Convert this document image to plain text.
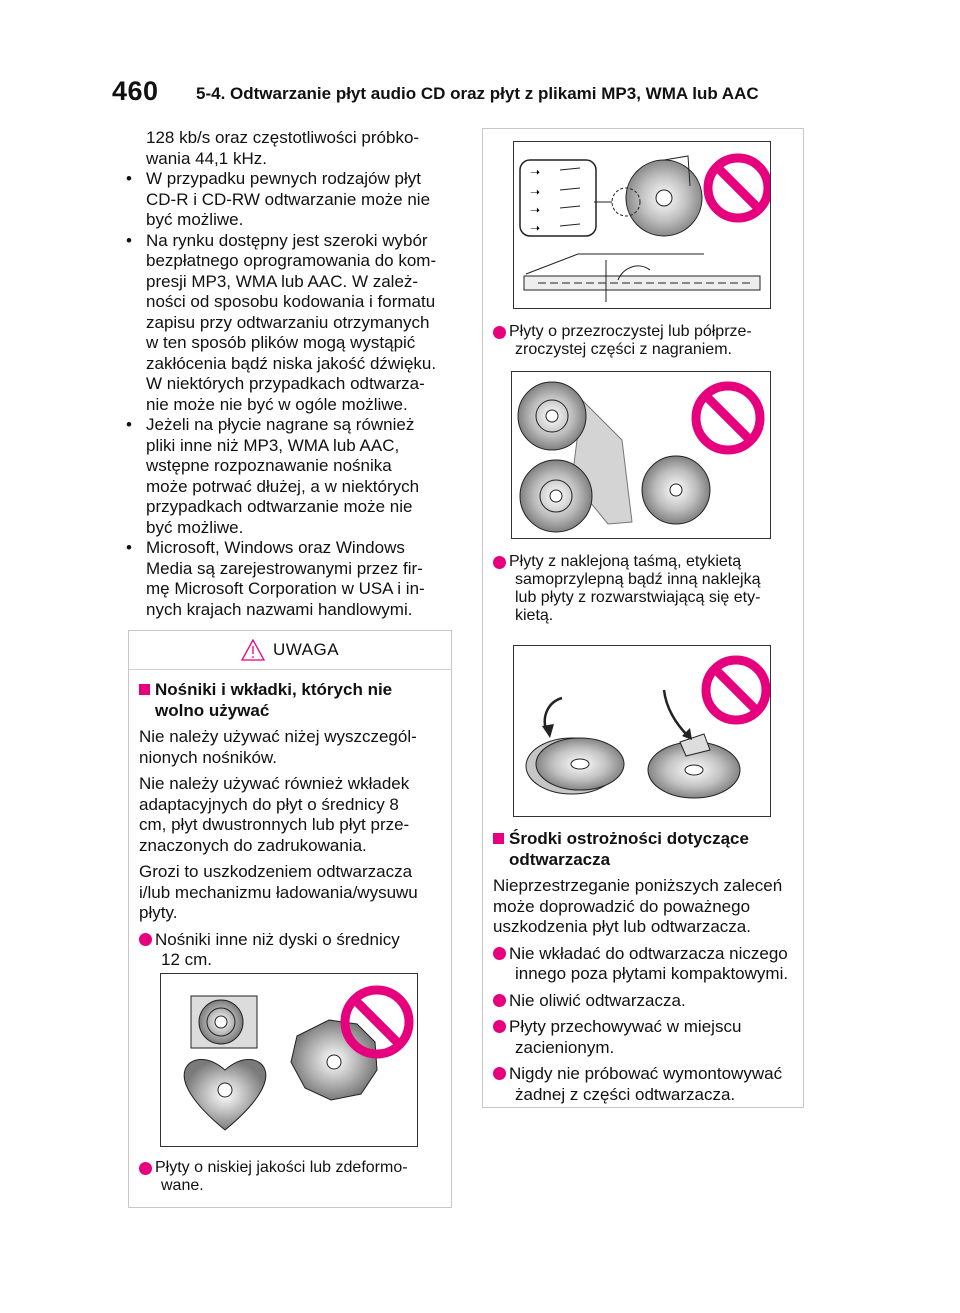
460 5-4. Odtwarzanie płyt audio CD oraz płyt z plikami MP3, WMA lub AAC

128 kb/s oraz częstotliwości próbko-

wania 44,1 kHz.

• W przypadku pewnych rodzajów płyt
CD-R i CD-RW odtwarzanie może nie
być możliwe.
• Na rynku dostępny jest szeroki wybór
bezpłatnego oprogramowania do kom-
presji MP3, WMA lub AAC. W zależ-
ności od sposobu kodowania i formatu
zapisu przy odtwarzaniu otrzymanych
w ten sposób plików mogą wystąpić
zakłócenia bądź niska jakość dźwięku.
W niektórych przypadkach odtwarza-
nie może nie być w ogóle możliwe.
• Jeżeli na płycie nagrane są również
pliki inne niż MP3, WMA lub AAC,
wstępne rozpoznawanie nośnika
może potrwać dłużej, a w niektórych
przypadkach odtwarzanie może nie
być możliwe.
• Microsoft, Windows oraz Windows
Media są zarejestrowanymi przez fir-
mę Microsoft Corporation w USA i in-
nych krajach nazwami handlowymi.
UWAGA
Nośniki i wkładki, których nie
wolno używać

Nie należy używać niżej wyszczegól-
nionych nośników.

Nie należy używać również wkładek
adaptacyjnych do płyt o średnicy 8
cm, płyt dwustronnych lub płyt prze-
znaczonych do zadrukowania.

Grozi to uszkodzeniem odtwarzacza
i/lub mechanizmu ładowania/wysuwu
płyty.

Nośniki inne niż dyski o średnicy
12 cm.
Płyty o niskiej jakości lub zdeformo-
wane.
➝
➝
➝
➝
Płyty o przezroczystej lub półprze-
zroczystej części z nagraniem.
Płyty z naklejoną taśmą, etykietą
samoprzylepną bądź inną naklejką
lub płyty z rozwarstwiającą się ety-
kietą.
Środki ostrożności dotyczące
odtwarzacza

Nieprzestrzeganie poniższych zaleceń
może doprowadzić do poważnego
uszkodzenia płyt lub odtwarzacza.

Nie wkładać do odtwarzacza niczego
innego poza płytami kompaktowymi.
Nie oliwić odtwarzacza.
Płyty przechowywać w miejscu
zacienionym.
Nigdy nie próbować wymontowywać
żadnej z części odtwarzacza.
